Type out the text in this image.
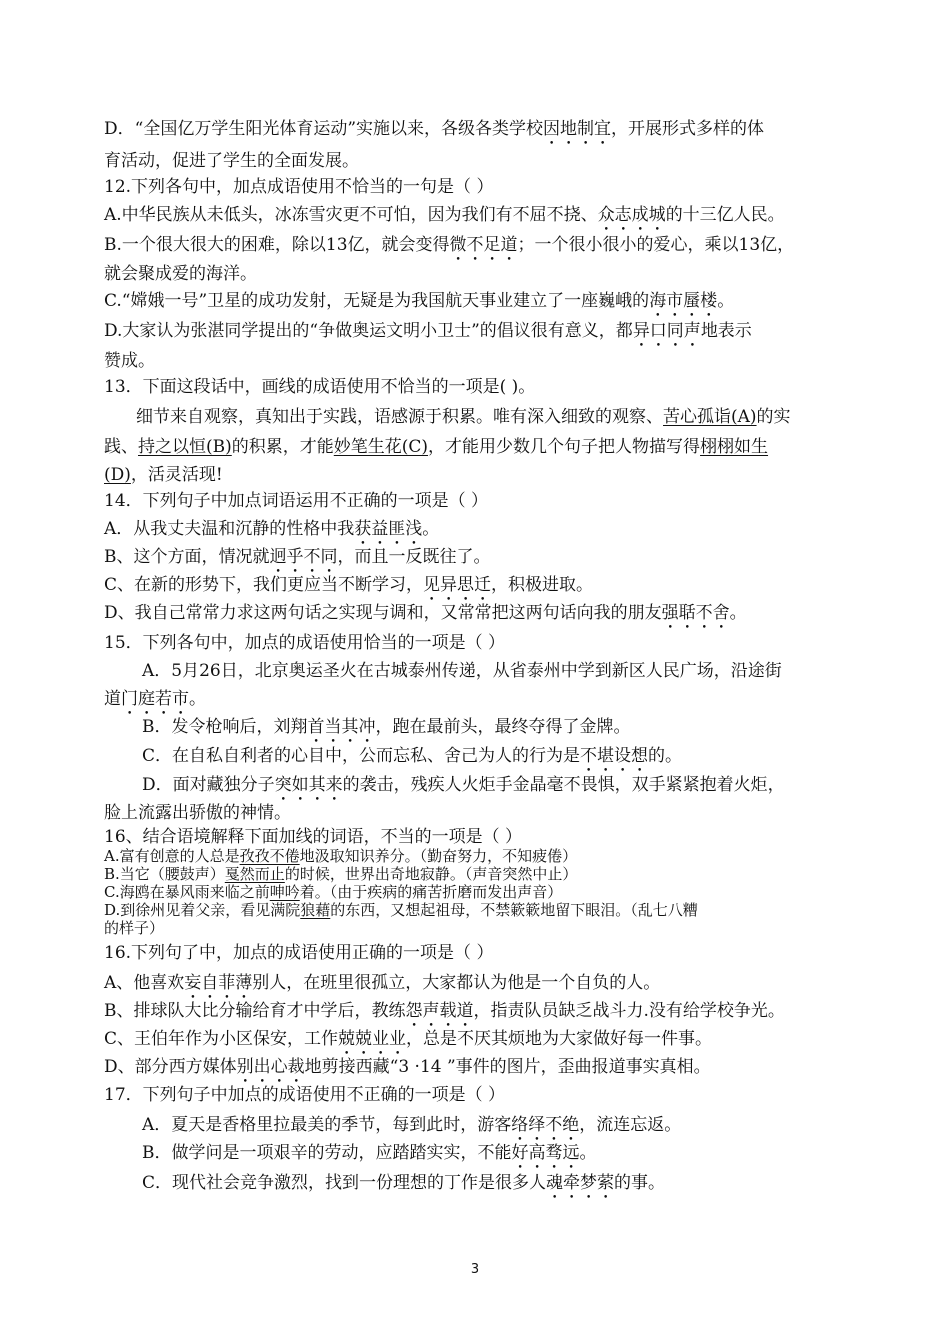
D．“全国亿万学生阳光体育运动”实施以来，各级各类学校因地制宜，开展形式多样的体
育活动，促进了学生的全面发展。
12.下列各句中，加点成语使用不恰当的一句是（ ）
A.中华民族从未低头，冰冻雪灾更不可怕，因为我们有不屈不挠、众志成城的十三亿人民。
B.一个很大很大的困难，除以13亿，就会变得微不足道；一个很小很小的爱心，乘以13亿，
就会聚成爱的海洋。
C.“嫦娥一号”卫星的成功发射，无疑是为我国航天事业建立了一座巍峨的海市蜃楼。
D.大家认为张湛同学提出的“争做奥运文明小卫士”的倡议很有意义，都异口同声地表示
赞成。
13．下面这段话中，画线的成语使用不恰当的一项是( )。
细节来自观察，真知出于实践，语感源于积累。唯有深入细致的观察、苦心孤诣(A)的实
践、持之以恒(B)的积累，才能妙笔生花(C)，才能用少数几个句子把人物描写得栩栩如生
(D)，活灵活现!
14．下列句子中加点词语运用不正确的一项是（ ）
A．从我丈夫温和沉静的性格中我获益匪浅。
B、这个方面，情况就迥乎不同，而且一反既往了。
C、在新的形势下，我们更应当不断学习，见异思迁，积极进取。
D、我自己常常力求这两句话之实现与调和，又常常把这两句话向我的朋友强聒不舍。
15．下列各句中，加点的成语使用恰当的一项是（ ）
A．5月26日，北京奥运圣火在古城泰州传递，从省泰州中学到新区人民广场，沿途街
道门庭若市。
B．发令枪响后，刘翔首当其冲，跑在最前头，最终夺得了金牌。
C．在自私自利者的心目中，公而忘私、舍己为人的行为是不堪设想的。
D．面对藏独分子突如其来的袭击，残疾人火炬手金晶毫不畏惧，双手紧紧抱着火炬，
脸上流露出骄傲的神情。
16、结合语境解释下面加线的词语，不当的一项是（ ）
A.富有创意的人总是孜孜不倦地汲取知识养分。（勤奋努力，不知疲倦）
B.当它（腰鼓声）戛然而止的时候，世界出奇地寂静。（声音突然中止）
C.海鸥在暴风雨来临之前呻吟着。（由于疾病的痛苦折磨而发出声音）
D.到徐州见着父亲，看见满院狼藉的东西，又想起祖母，不禁簌簌地留下眼泪。（乱七八糟
的样子）
16.下列句了中，加点的成语使用正确的一项是（ ）
A、他喜欢妄自菲薄别人，在班里很孤立，大家都认为他是一个自负的人。
B、排球队大比分输给育才中学后，教练怨声载道，指责队员缺乏战斗力.没有给学校争光。
C、王伯年作为小区保安，工作兢兢业业，总是不厌其烦地为大家做好每一件事。
D、部分西方媒体别出心裁地剪接西藏“3 ·14 ”事件的图片，歪曲报道事实真相。
17．下列句子中加点的成语使用不正确的一项是（ ）
A．夏天是香格里拉最美的季节，每到此时，游客络绎不绝，流连忘返。
B．做学问是一项艰辛的劳动，应踏踏实实，不能好高骛远。
C．现代社会竞争激烈，找到一份理想的丁作是很多人魂牵梦萦的事。
3
